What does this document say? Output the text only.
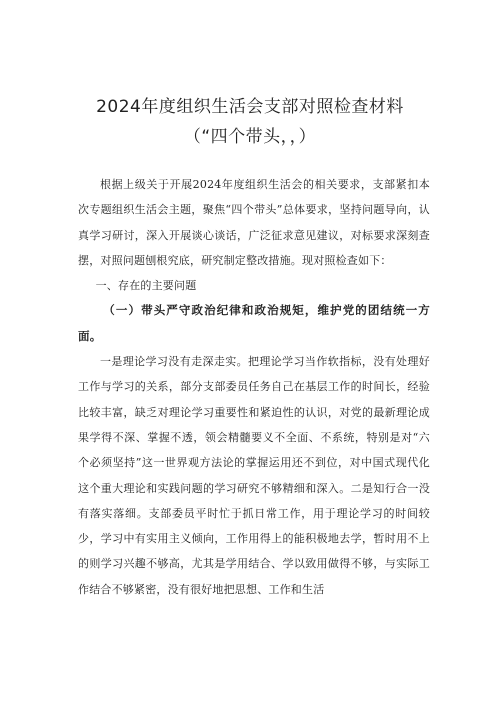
2024年度组织生活会支部对照检查材料
（“四个带头，，）

根据上级关于开展2024年度组织生活会的相关要求，支部紧扣本次专题组织生活会主题，聚焦“四个带头”总体要求，坚持问题导向，认真学习研讨，深入开展谈心谈话，广泛征求意见建议，对标要求深刻查摆，对照问题刨根究底，研究制定整改措施。现对照检查如下：

一、存在的主要问题

（一）带头严守政治纪律和政治规矩，维护党的团结统一方面。

一是理论学习没有走深走实。把理论学习当作软指标，没有处理好工作与学习的关系，部分支部委员任务自己在基层工作的时间长，经验比较丰富，缺乏对理论学习重要性和紧迫性的认识，对党的最新理论成果学得不深、掌握不透，领会精髓要义不全面、不系统，特别是对“六个必须坚持”这一世界观方法论的掌握运用还不到位，对中国式现代化这个重大理论和实践问题的学习研究不够精细和深入。二是知行合一没有落实落细。支部委员平时忙于抓日常工作，用于理论学习的时间较少，学习中有实用主义倾向，工作用得上的能积极地去学，暂时用不上的则学习兴趣不够高，尤其是学用结合、学以致用做得不够，与实际工作结合不够紧密，没有很好地把思想、工作和生活
